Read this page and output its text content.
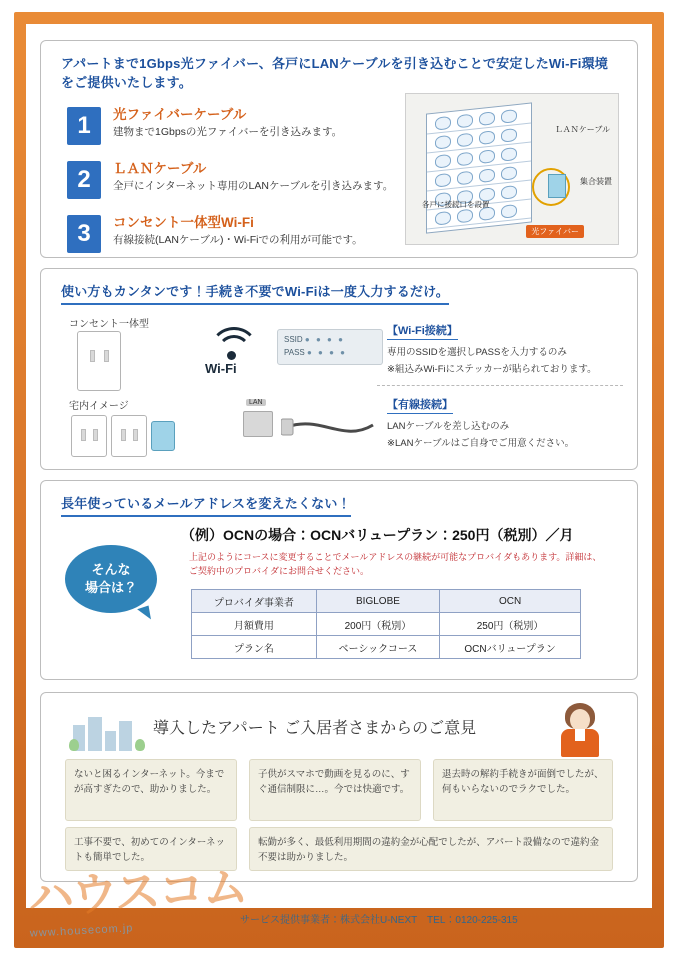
アパートまで1Gbps光ファイバー、各戸にLANケーブルを引き込むことで安定したWi-Fi環境をご提供いたします。
1	光ファイバーケーブル
建物まで1Gbpsの光ファイバーを引き込みます。
2	ＬＡＮケーブル
全戸にインターネット専用のLANケーブルを引き込みます。
3	コンセント一体型Wi-Fi
有線接続(LANケーブル)・Wi-Fiでの利用が可能です。
ＬＡＮケーブル
集合装置
各戸に接続口を設置
光ファイバー
使い方もカンタンです！手続き不要でWi-Fiは一度入力するだけ。
コンセント一体型
宅内イメージ
Wi-Fi
SSID ● ● ● ●
PASS ● ● ● ●
【Wi-Fi接続】
専用のSSIDを選択しPASSを入力するのみ
※組込みWi-Fiにステッカーが貼られております。
LAN	【有線接続】
LANケーブルを差し込むのみ
※LANケーブルはご自身でご用意ください。
長年使っているメールアドレスを変えたくない！
（例）OCNの場合：OCNバリュープラン：250円（税別）／月
上記のようにコースに変更することでメールアドレスの継続が可能なプロバイダもあります。詳細は、ご契約中のプロバイダにお問合せください。
そんな
場合は？
プロバイダ事業者	BIGLOBE	OCN
月額費用	200円（税別）	250円（税別）
プラン名	ベーシックコース	OCNバリュープラン
導入したアパート ご入居者さまからのご意見
ないと困るインターネット。今までが高すぎたので、助かりました。
子供がスマホで動画を見るのに、すぐ通信制限に…。今では快適です。
退去時の解約手続きが面倒でしたが、何もいらないのでラクでした。
工事不要で、初めてのインターネットも簡単でした。
転勤が多く、最低利用期間の違約金が心配でしたが、アパート設備なので違約金不要は助かりました。
ハウスコム
www.housecom.jp
サービス提供事業者：株式会社U-NEXT　TEL：0120-225-315
